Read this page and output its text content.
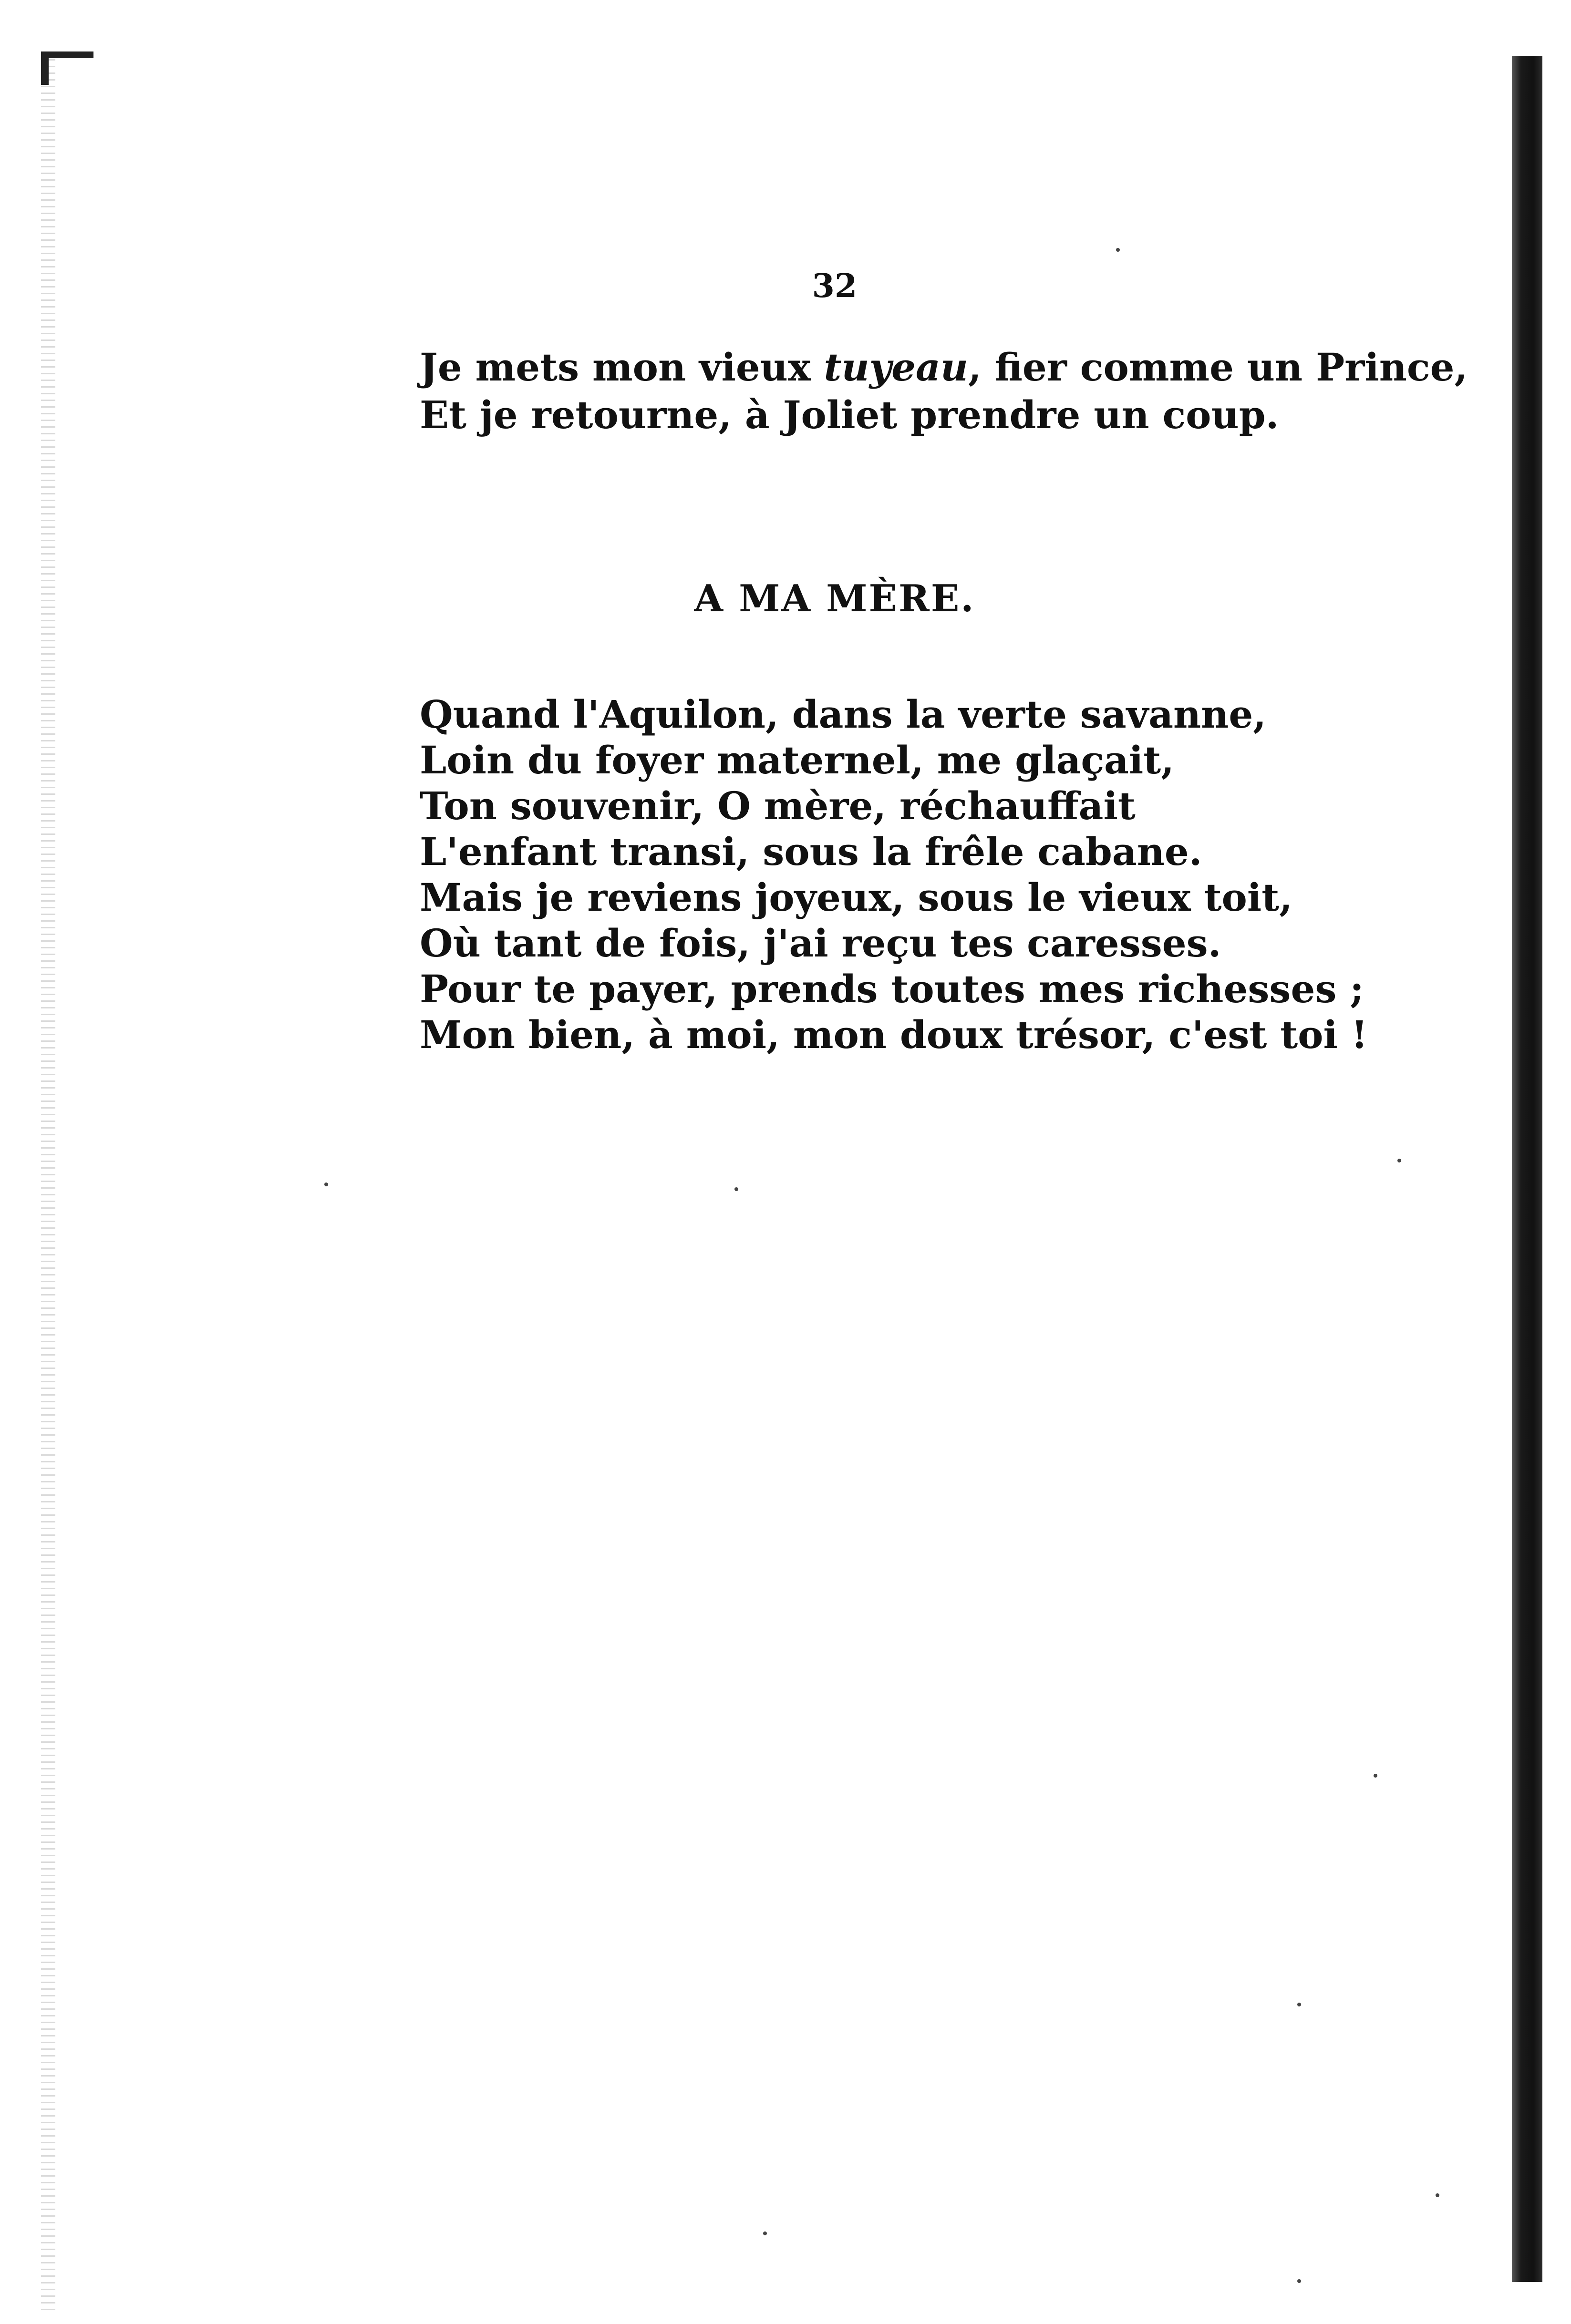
32
Je mets mon vieux tuyeau, fier comme un Prince,
Et je retourne, à Joliet prendre un coup.
A MA MÈRE.
Quand l'Aquilon, dans la verte savanne,
Loin du foyer maternel, me glaçait,
Ton souvenir, O mère, réchauffait
L'enfant transi, sous la frêle cabane.
Mais je reviens joyeux, sous le vieux toit,
Où tant de fois, j'ai reçu tes caresses.
Pour te payer, prends toutes mes richesses ;
Mon bien, à moi, mon doux trésor, c'est toi !
